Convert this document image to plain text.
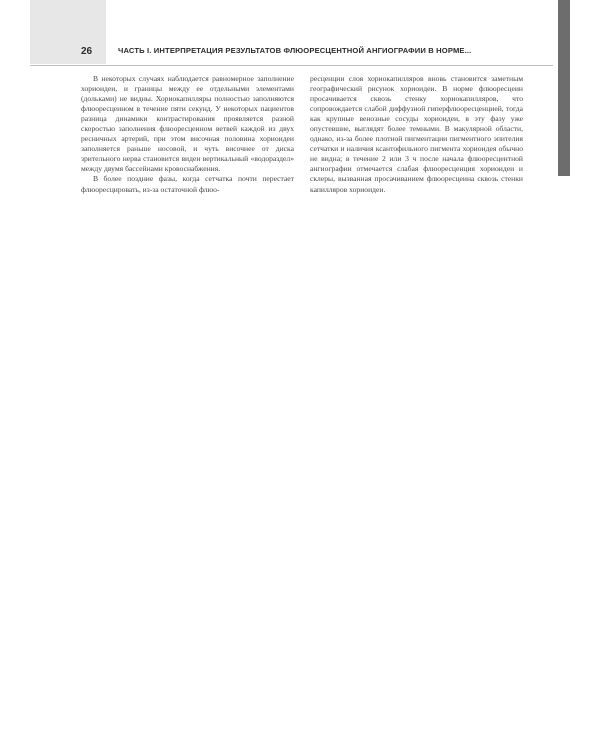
26	ЧАСТЬ I. ИНТЕРПРЕТАЦИЯ РЕЗУЛЬТАТОВ ФЛЮОРЕСЦЕНТНОЙ АНГИОГРАФИИ В НОРМЕ...

В некоторых случаях наблюдается равномерное заполнение хориоидеи, и границы между ее отдельными элементами (дольками) не видны. Хориокапилляры полностью заполняются флюоресцеином в течение пяти секунд. У некоторых пациентов разница динамики контрастирования проявляется разной скоростью заполнения флюоресцеином ветвей каждой из двух ресничных артерий, при этом височная половина хориоидеи заполняется раньше носовой, и чуть височнее от диска зрительного нерва становится виден вертикальный «водораздел» между двумя бассейнами кровоснабжения.

В более поздние фазы, когда сетчатка почти перестает флюоресцировать, из-за остаточной флюо-

ресценции слоя хориокапилляров вновь становится заметным географический рисунок хориоидеи. В норме флюоресцеин просачивается сквозь стенку хориокапилляров, что сопровождается слабой диффузной гиперфлюоресценцией, тогда как крупные венозные сосуды хориоидеи, в эту фазу уже опустевшие, выглядят более темными. В макулярной области, однако, из-за более плотной пигментации пигментного эпителия сетчатки и наличия ксантофильного пигмента хориоидея обычно не видна; в течение 2 или 3 ч после начала флюоресцентной ангиографии отмечается слабая флюоресценция хориоидеи и склеры, вызванная просачиванием флюоресцеина сквозь стенки капилляров хориоидеи.
